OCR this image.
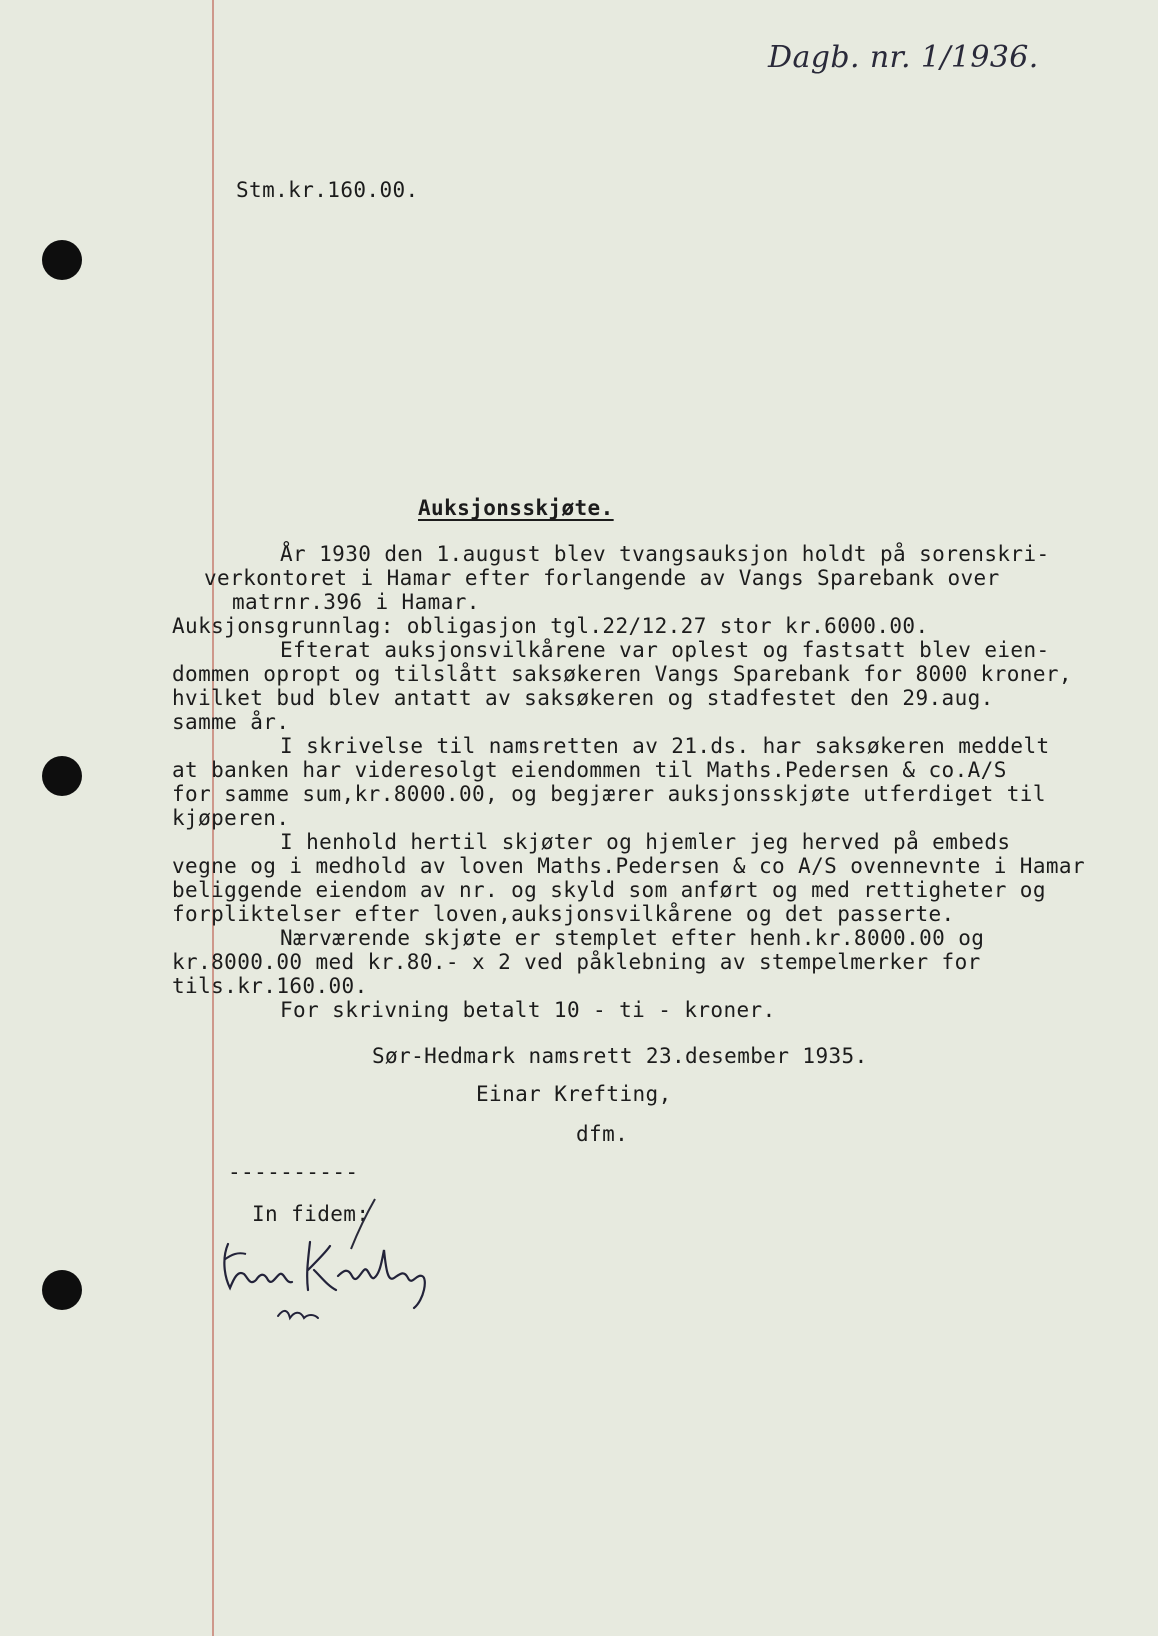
Dagb. nr. 1/1936.
Stm.kr.160.00.
Auksjonsskjøte.
År 1930 den 1.august blev tvangsauksjon holdt på sorenskri-
verkontoret i Hamar efter forlangende av Vangs Sparebank over
matrnr.396 i Hamar.
Auksjonsgrunnlag: obligasjon tgl.22/12.27 stor kr.6000.00.
Efterat auksjonsvilkårene var oplest og fastsatt blev eien-
dommen opropt og tilslått saksøkeren Vangs Sparebank for 8000 kroner,
hvilket bud blev antatt av saksøkeren og stadfestet den 29.aug.
samme år.
I skrivelse til namsretten av 21.ds. har saksøkeren meddelt
at banken har videresolgt eiendommen til Maths.Pedersen & co.A/S
for samme sum,kr.8000.00, og begjærer auksjonsskjøte utferdiget til
kjøperen.
I henhold hertil skjøter og hjemler jeg herved på embeds
vegne og i medhold av loven Maths.Pedersen & co A/S ovennevnte i Hamar
beliggende eiendom av nr. og skyld som anført og med rettigheter og
forpliktelser efter loven,auksjonsvilkårene og det passerte.
Nærværende skjøte er stemplet efter henh.kr.8000.00 og
kr.8000.00 med kr.80.- x 2 ved påklebning av stempelmerker for
tils.kr.160.00.
For skrivning betalt 10 - ti - kroner.
Sør-Hedmark namsrett 23.desember 1935.
Einar Krefting,
dfm.
----------
In fidem:
